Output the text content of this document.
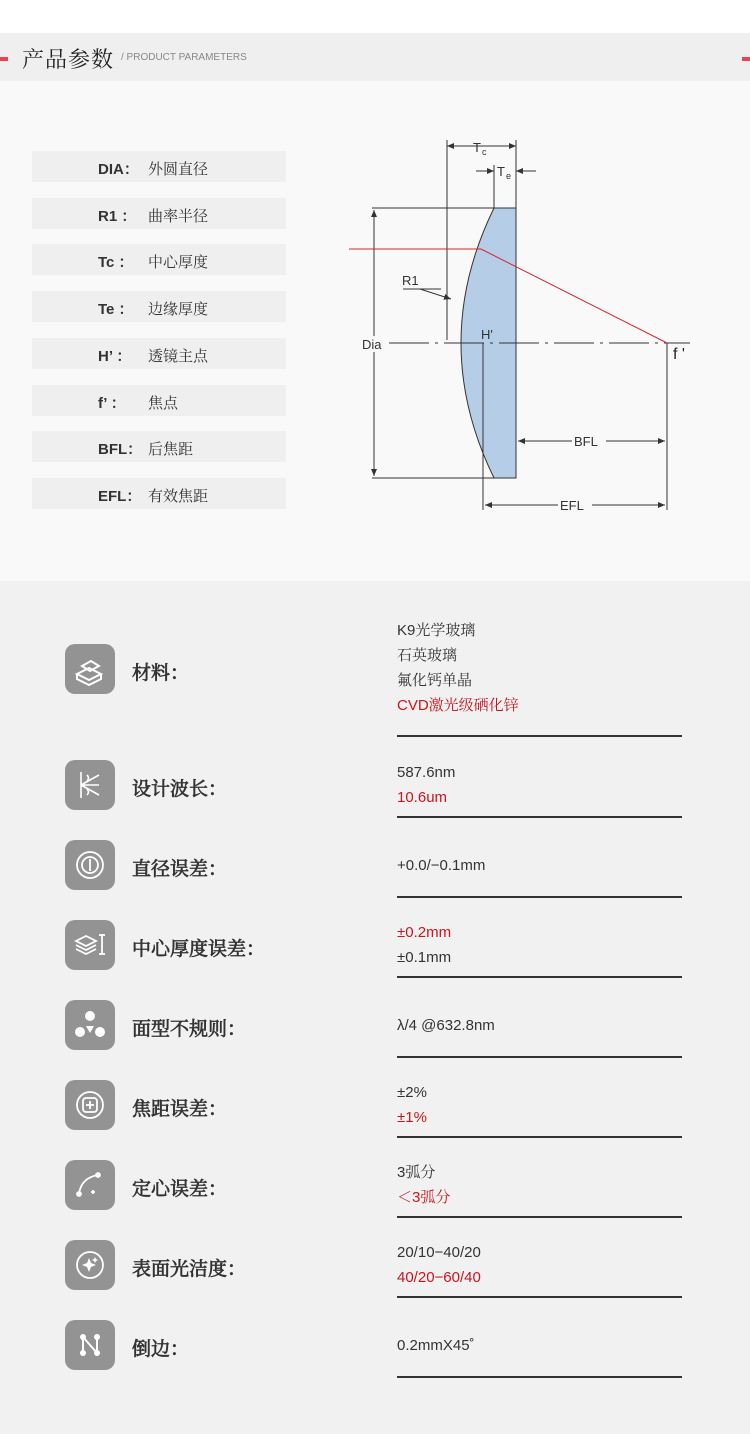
产品参数 / PRODUCT PARAMETERS
DIA： 外圆直径
R1 ： 曲率半径
Tc ： 中心厚度
Te ： 边缘厚度
H’ ： 透镜主点
f’ ： 焦点
BFL： 后焦距
EFL： 有效焦距
T c
T e
Dia
R1
H'
f '
BFL
EFL
材料：
K9光学玻璃
石英玻璃
氟化钙单晶
CVD激光级硒化锌
设计波长：
587.6nm
10.6um
直径误差：	+0.0/−0.1mm
中心厚度误差：
±0.2mm
±0.1mm
面型不规则：	λ/4 @632.8nm
焦距误差：
±2%
±1%
定心误差：
3弧分
＜3弧分
表面光洁度：
20/10−40/20
40/20−60/40
倒边：	0.2mmX45˚
